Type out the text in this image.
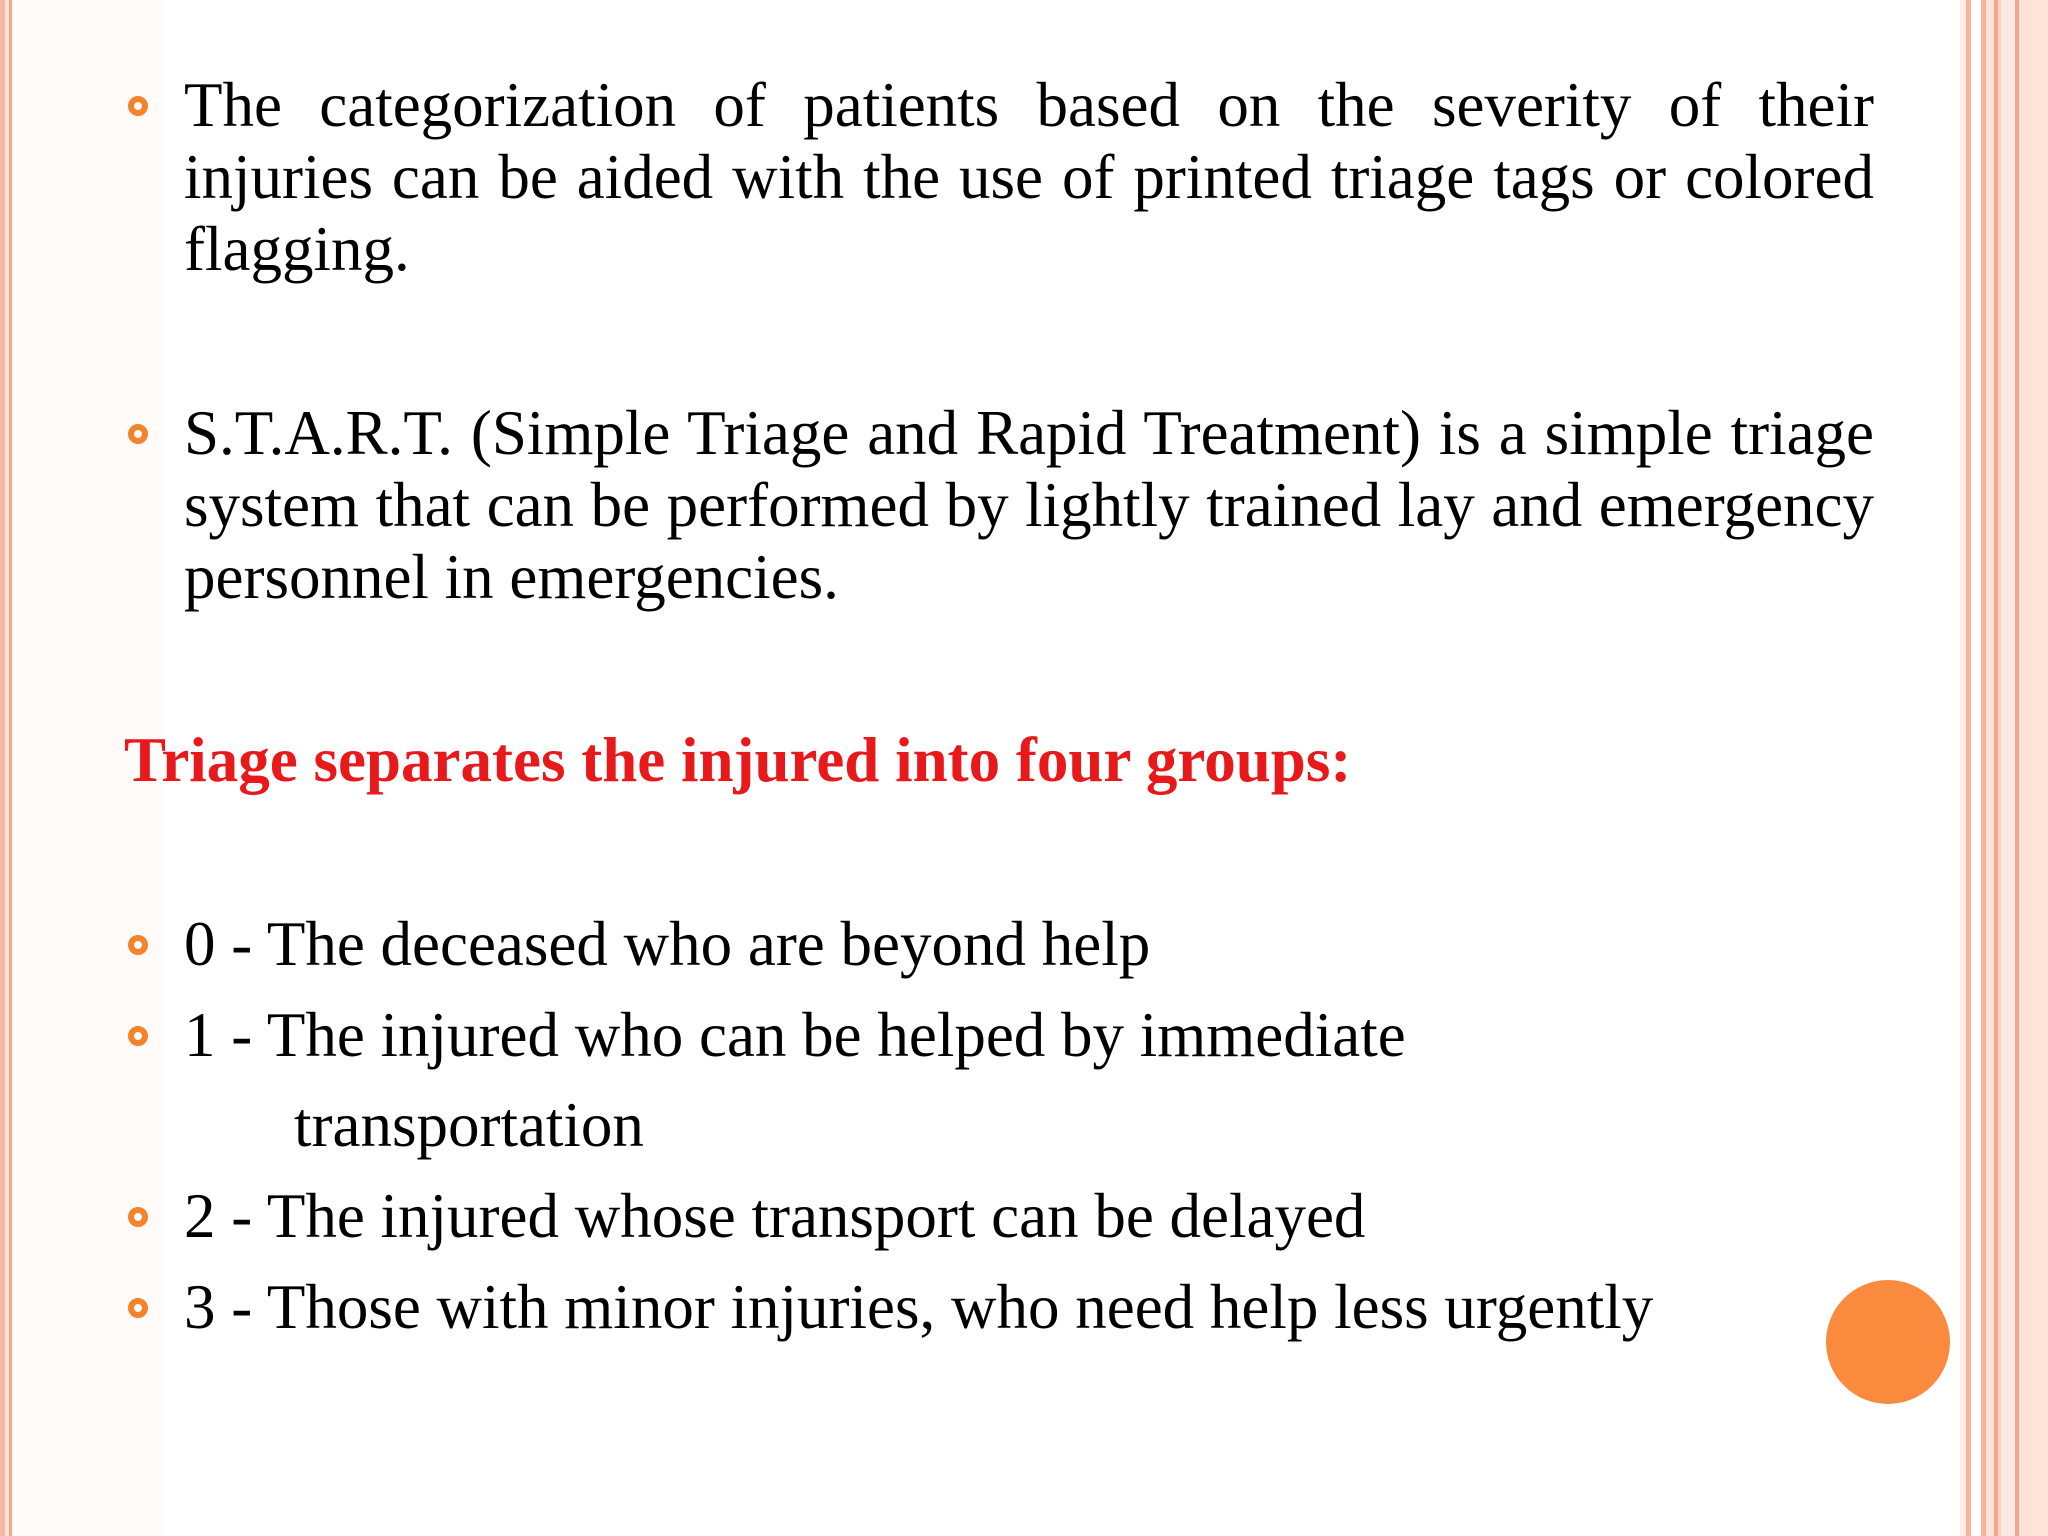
The categorization of patients based on the severity of their injuries can be aided with the use of printed triage tags or colored flagging.

S.T.A.R.T. (Simple Triage and Rapid Treatment) is a simple triage system that can be performed by lightly trained lay and emergency personnel in emergencies.

Triage separates the injured into four groups:

0 - The deceased who are beyond help

1 - The injured who can be helped by immediate

transportation

2 - The injured whose transport can be delayed

3 - Those with minor injuries, who need help less urgently
